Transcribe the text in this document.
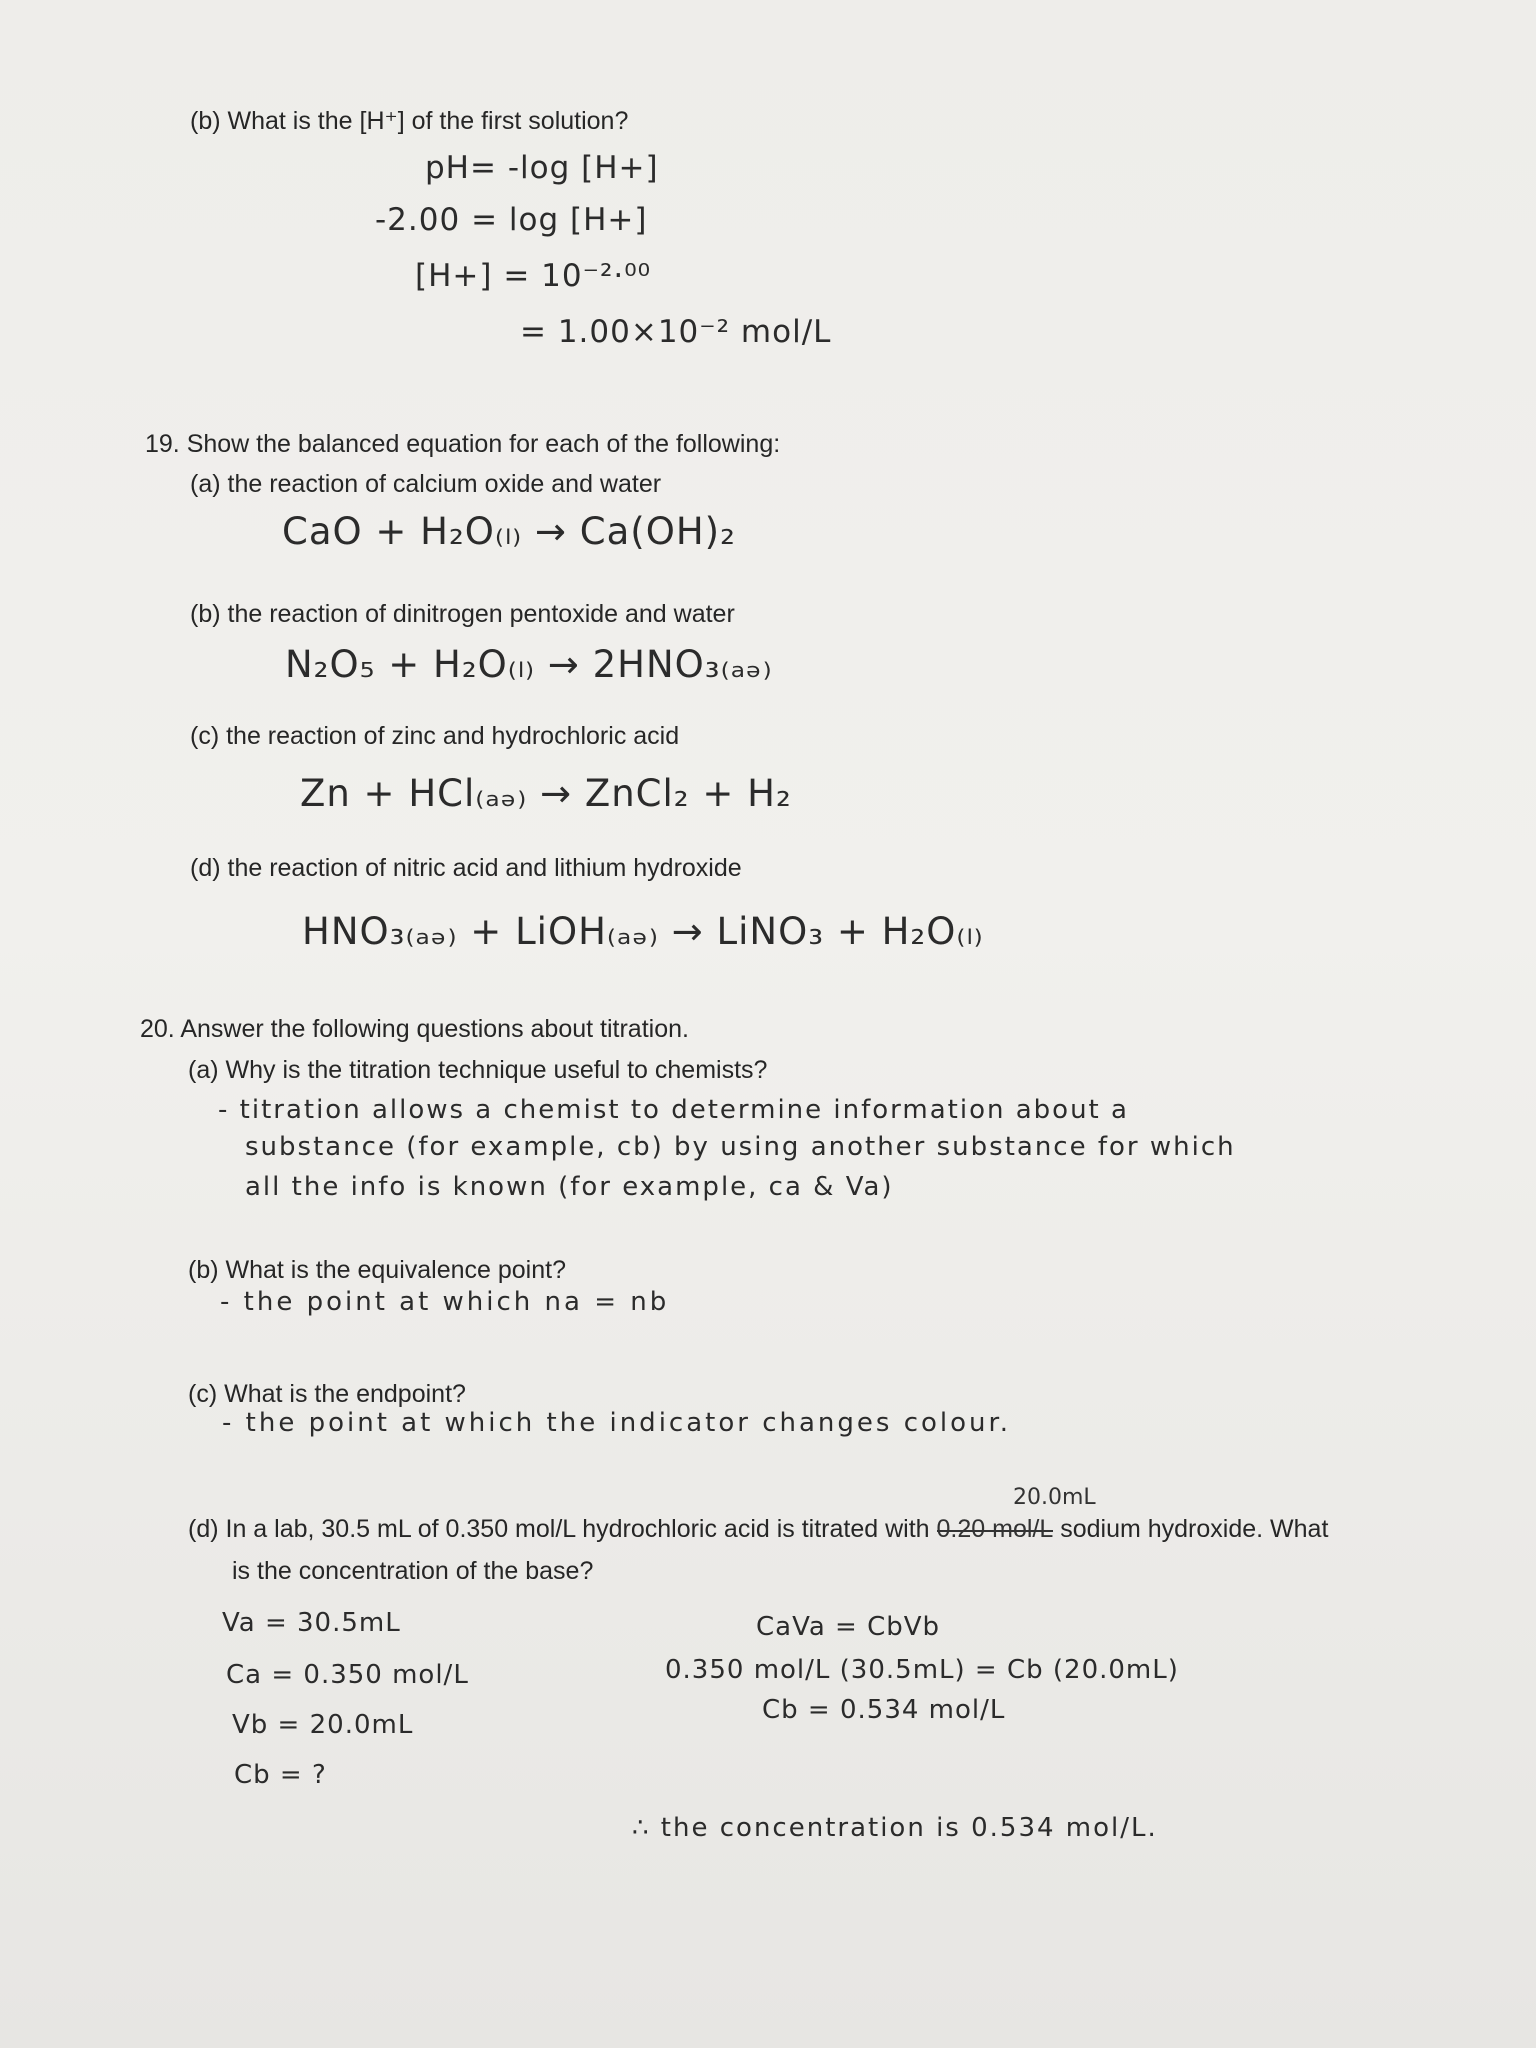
(b) What is the [H⁺] of the first solution?
pH= -log [H+]
-2.00 = log [H+]
[H+] = 10⁻²·⁰⁰
= 1.00×10⁻² mol/L
19. Show the balanced equation for each of the following:
(a) the reaction of calcium oxide and water
CaO + H₂O₍ₗ₎ → Ca(OH)₂
(b) the reaction of dinitrogen pentoxide and water
N₂O₅ + H₂O₍ₗ₎ → 2HNO₃₍ₐₔ₎
(c) the reaction of zinc and hydrochloric acid
Zn + HCl₍ₐₔ₎ → ZnCl₂ + H₂
(d) the reaction of nitric acid and lithium hydroxide
HNO₃₍ₐₔ₎ + LiOH₍ₐₔ₎ → LiNO₃ + H₂O₍ₗ₎
20. Answer the following questions about titration.
(a) Why is the titration technique useful to chemists?
- titration allows a chemist to determine information about a
substance (for example, cb) by using another substance for which
all the info is known (for example, ca & Va)
(b) What is the equivalence point?
- the point at which na = nb
(c) What is the endpoint?
- the point at which the indicator changes colour.
20.0mL
(d) In a lab, 30.5 mL of 0.350 mol/L hydrochloric acid is titrated with 0.20 mol/L sodium hydroxide. What
is the concentration of the base?
Va = 30.5mL
Ca = 0.350 mol/L
Vb = 20.0mL
Cb = ?
CaVa = CbVb
0.350 mol/L (30.5mL) = Cb (20.0mL)
Cb = 0.534 mol/L
∴ the concentration is 0.534 mol/L.
